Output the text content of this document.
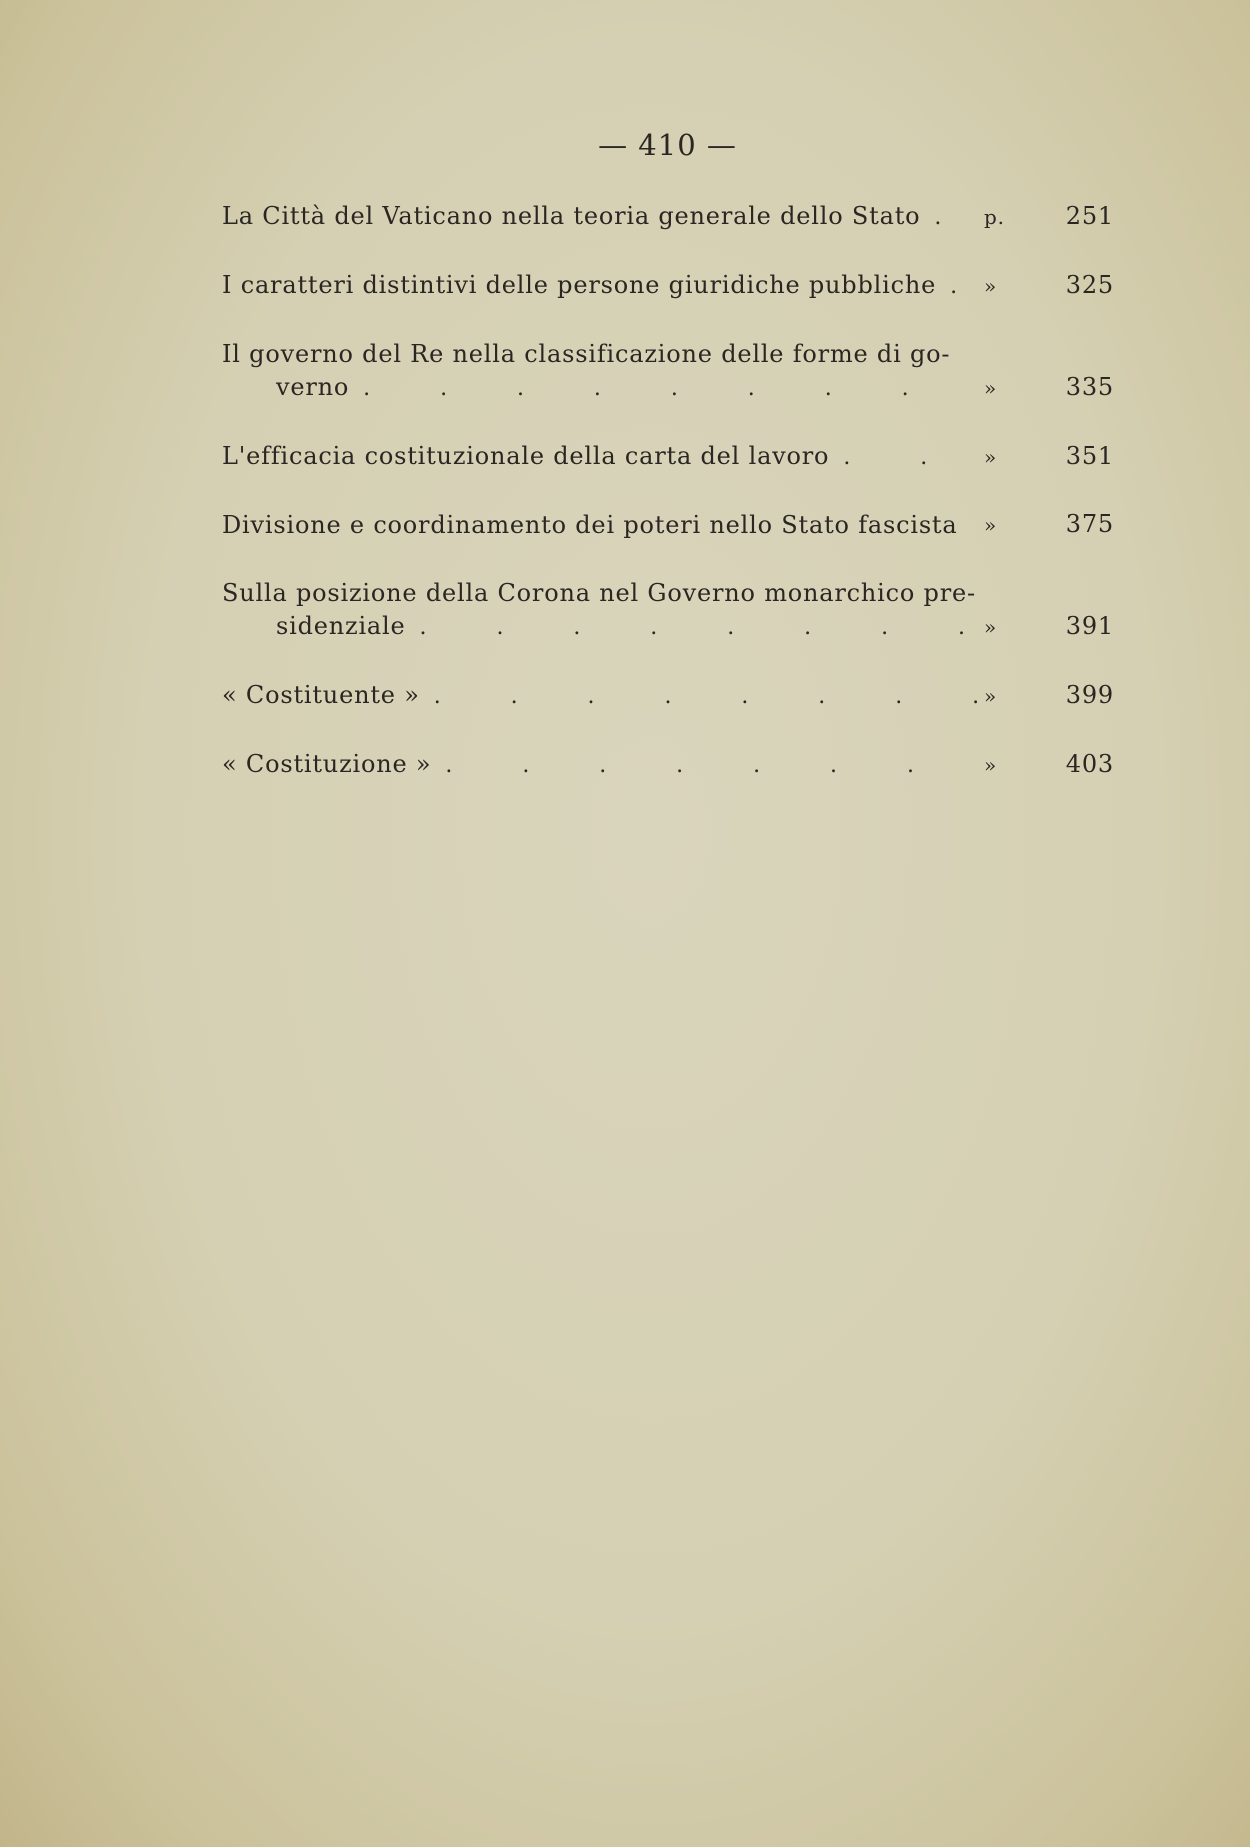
— 410 —
La Città del Vaticano nella teoria generale dello Stato .	p.	251
I caratteri distintivi delle persone giuridiche pubbliche . »	325
Il governo del Re nella classificazione delle forme di go-
verno .	»	335
L'efficacia costituzionale della carta del lavoro .	»	351
Divisione e coordinamento dei poteri nello Stato fascista »	375
Sulla posizione della Corona nel Governo monarchico pre-
sidenziale .	»	391
« Costituente » .	»	399
« Costituzione » .	»	403
